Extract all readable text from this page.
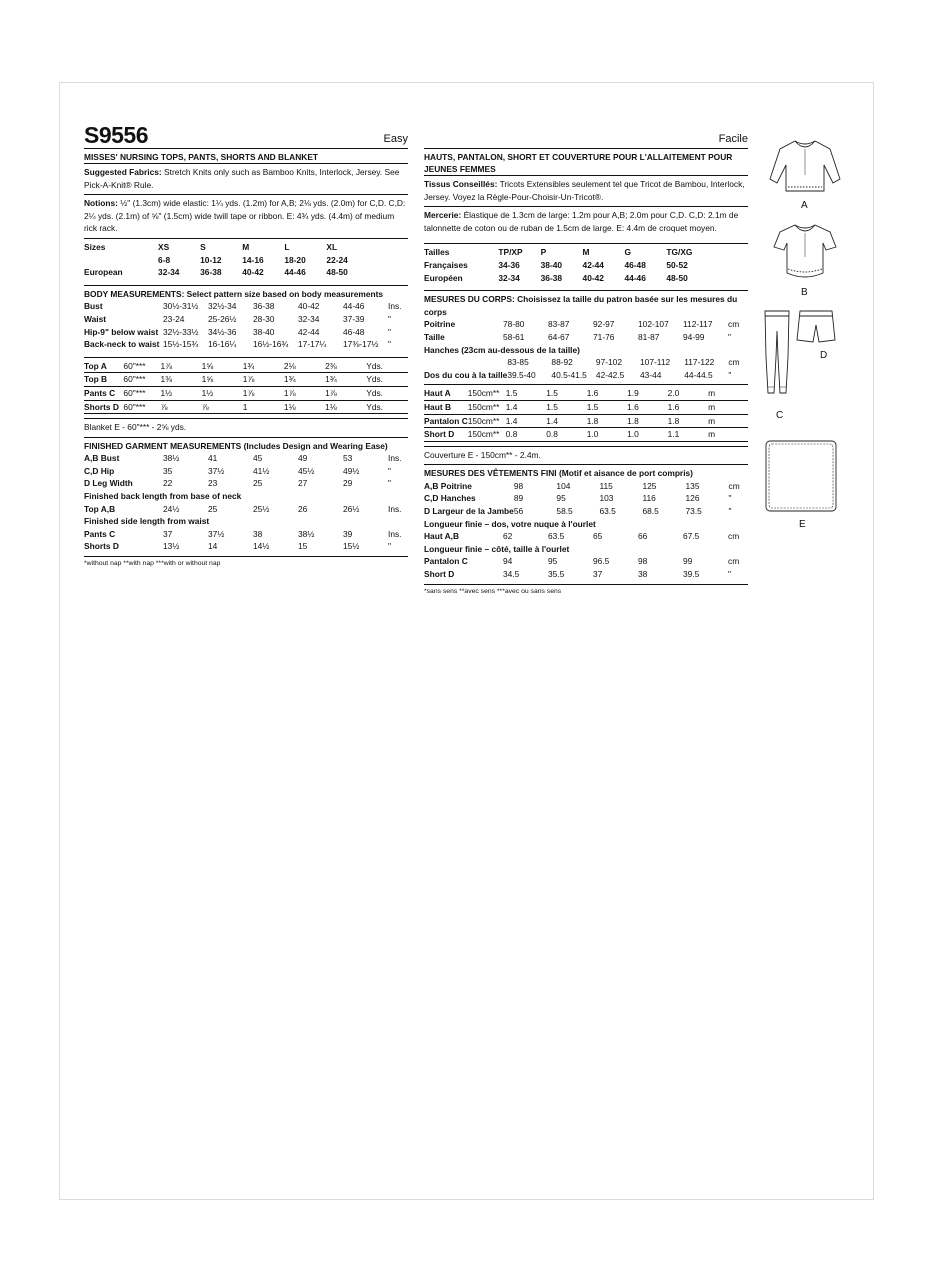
S9556	Easy	Facile
MISSES' NURSING TOPS, PANTS, SHORTS AND BLANKET

Suggested Fabrics: Stretch Knits only such as Bamboo Knits, Interlock, Jersey. See Pick-A-Knit® Rule.

Notions: ½" (1.3cm) wide elastic: 1¼ yds. (1.2m) for A,B; 2⅛ yds. (2.0m) for C,D. C,D: 2¼ yds. (2.1m) of ⅝" (1.5cm) wide twill tape or ribbon. E: 4¾ yds. (4.4m) of medium rick rack.

Sizes	XS	S	M	L	XL	
	6-8	10-12	14-16	18-20	22-24	
European	32-34	36-38	40-42	44-46	48-50	
BODY MEASUREMENTS: Select pattern size based on body measurements
Bust	30½-31½	32½-34	36-38	40-42	44-46	Ins.
Waist	23-24	25-26½	28-30	32-34	37-39	"
Hip-9" below waist	32½-33½	34½-36	38-40	42-44	46-48	"
Back-neck to waist	15½-15¾	16-16¼	16½-16¾	17-17¼	17⅜-17½	"
Top A	60"***	1⅞	1⅝	1¾	2⅛	2⅜	Yds.
Top B	60"***	1⅜	1⅝	1⅞	1¾	1¾	Yds.
Pants C	60"***	1½	1½	1⅞	1⅞	1⅞	Yds.
Shorts D	60"***	⅞	⅞	1	1⅛	1⅛	Yds.
Blanket E - 60"*** - 2⅝ yds.
FINISHED GARMENT MEASUREMENTS (Includes Design and Wearing Ease)
A,B Bust	38½	41	45	49	53	Ins.
C,D Hip	35	37½	41½	45½	49½	"
D Leg Width	22	23	25	27	29	"
Finished back length from base of neck
Top A,B	24½	25	25½	26	26½	Ins.
Finished side length from waist
Pants C	37	37½	38	38½	39	Ins.
Shorts D	13½	14	14½	15	15½	"
*without nap **with nap ***with or without nap
HAUTS, PANTALON, SHORT ET COUVERTURE POUR L'ALLAITEMENT POUR JEUNES FEMMES

Tissus Conseillés: Tricots Extensibles seulement tel que Tricot de Bambou, Interlock, Jersey. Voyez la Règle-Pour-Choisir-Un-Tricot®.

Mercerie: Élastique de 1.3cm de large: 1.2m pour A,B; 2.0m pour C,D. C,D: 2.1m de talonnette de coton ou de ruban de 1.5cm de large. E: 4.4m de croquet moyen.

Tailles	TP/XP	P	M	G	TG/XG	
Françaises	34-36	38-40	42-44	46-48	50-52	
Européen	32-34	36-38	40-42	44-46	48-50	
MESURES DU CORPS: Choisissez la taille du patron basée sur les mesures du corps
Poitrine	78-80	83-87	92-97	102-107	112-117	cm
Taille	58-61	64-67	71-76	81-87	94-99	"
Hanches (23cm au-dessous de la taille)
	83-85	88-92	97-102	107-112	117-122	cm
Dos du cou à la taille	39.5-40	40.5-41.5	42-42.5	43-44	44-44.5	"
Haut A	150cm**	1.5	1.5	1.6	1.9	2.0	m
Haut B	150cm**	1.4	1.5	1.5	1.6	1.6	m
Pantalon C	150cm**	1.4	1.4	1.8	1.8	1.8	m
Short D	150cm**	0.8	0.8	1.0	1.0	1.1	m
Couverture E - 150cm** - 2.4m.
MESURES DES VÊTEMENTS FINI (Motif et aisance de port compris)
A,B Poitrine	98	104	115	125	135	cm
C,D Hanches	89	95	103	116	126	"
D Largeur de la Jambe	56	58.5	63.5	68.5	73.5	"
Longueur finie – dos, votre nuque à l'ourlet
Haut A,B	62	63.5	65	66	67.5	cm
Longueur finie – côté, taille à l'ourlet
Pantalon C	94	95	96.5	98	99	cm
Short D	34.5	35.5	37	38	39.5	"
*sans sens **avec sens ***avec ou sans sens
A
B
C
D
E
